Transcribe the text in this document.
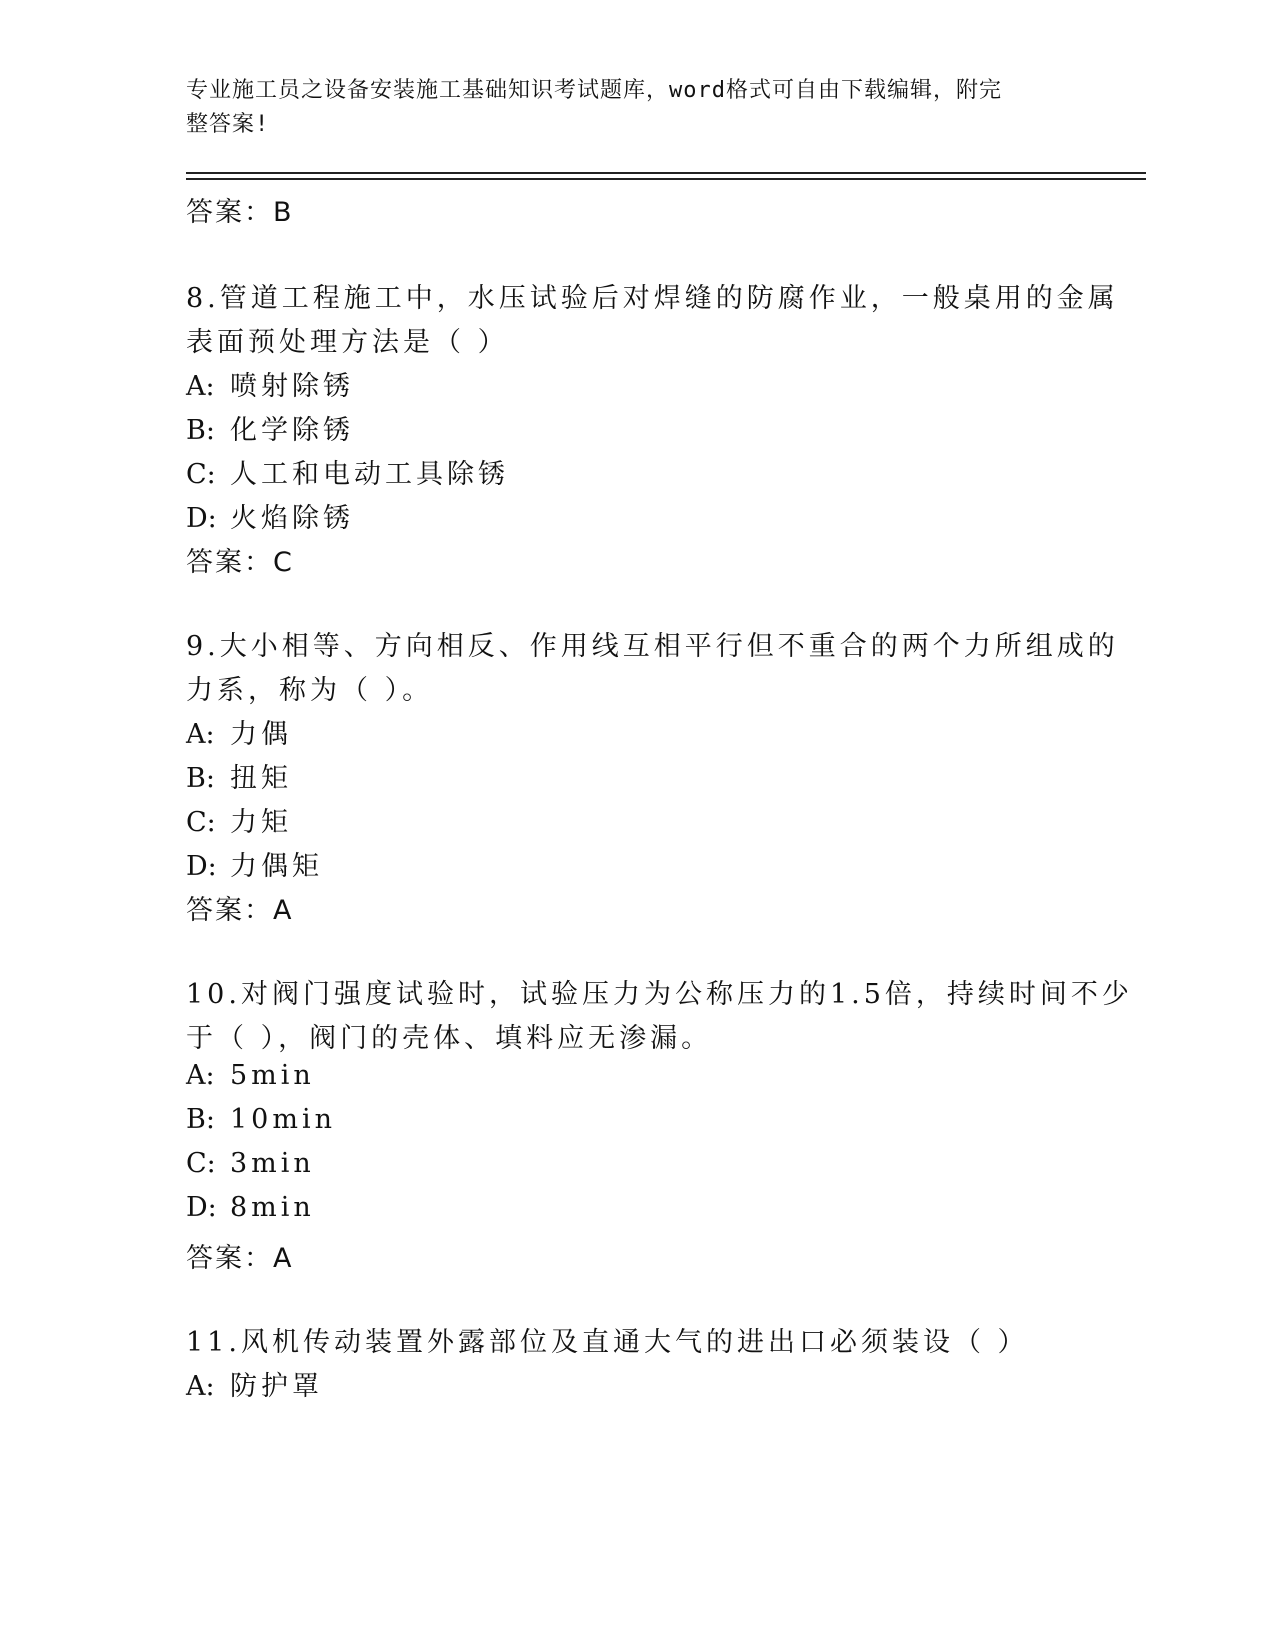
专业施工员之设备安装施工基础知识考试题库，word格式可自由下载编辑，附完
整答案!
答案：B
8.管道工程施工中，水压试验后对焊缝的防腐作业，一般桌用的金属
表面预处理方法是（ ）
A: 喷射除锈
B: 化学除锈
C: 人工和电动工具除锈
D: 火焰除锈
答案：C
9.大小相等、方向相反、作用线互相平行但不重合的两个力所组成的
力系，称为（ ）。
A: 力偶
B: 扭矩
C: 力矩
D: 力偶矩
答案：A
10.对阀门强度试验时，试验压力为公称压力的1.5倍，持续时间不少
于（ ），阀门的壳体、填料应无渗漏。
A: 5min
B: 10min
C: 3min
D: 8min
答案：A
11.风机传动装置外露部位及直通大气的进出口必须装设（ ）
A: 防护罩
